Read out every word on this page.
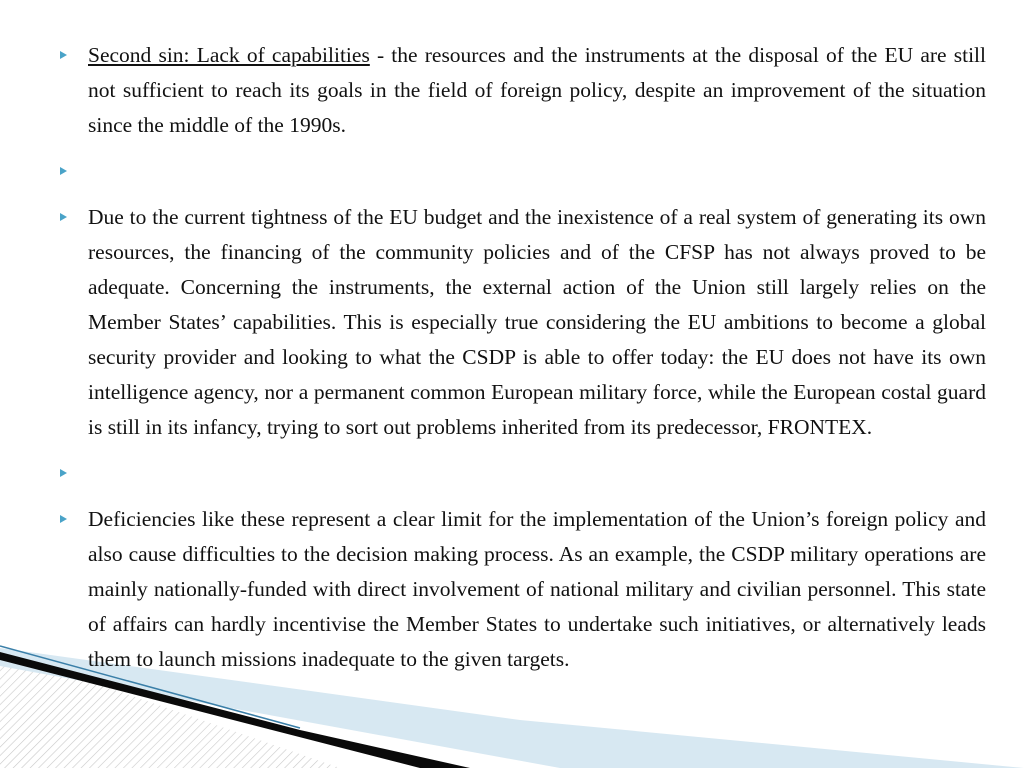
Second sin: Lack of capabilities - the resources and the instruments at the disposal of the EU are still not sufficient to reach its goals in the field of foreign policy, despite an improvement of the situation since the middle of the 1990s.
Due to the current tightness of the EU budget and the inexistence of a real system of generating its own resources, the financing of the community policies and of the CFSP has not always proved to be adequate. Concerning the instruments, the external action of the Union still largely relies on the Member States’ capabilities. This is especially true considering the EU ambitions to become a global security provider and looking to what the CSDP is able to offer today: the EU does not have its own intelligence agency, nor a permanent common European military force, while the European costal guard is still in its infancy, trying to sort out problems inherited from its predecessor, FRONTEX.
Deficiencies like these represent a clear limit for the implementation of the Union’s foreign policy and also cause difficulties to the decision making process. As an example, the CSDP military operations are mainly nationally-funded with direct involvement of national military and civilian personnel. This state of affairs can hardly incentivise the Member States to undertake such initiatives, or alternatively leads them to launch missions inadequate to the given targets.
